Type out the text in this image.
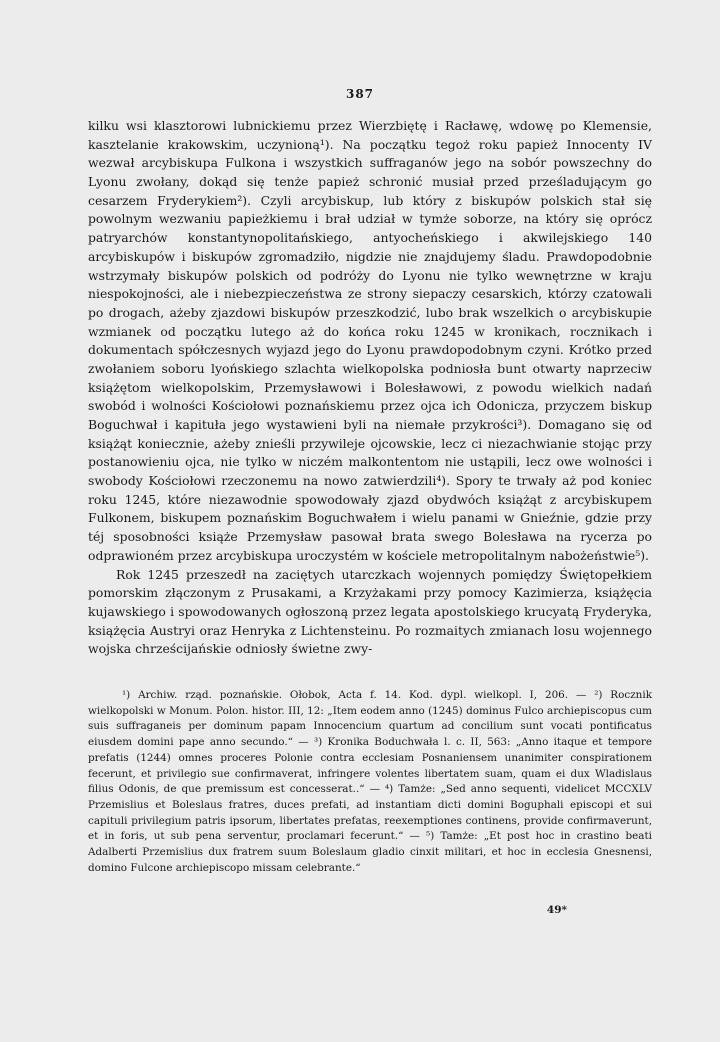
387

kilku wsi klasztorowi lubnickiemu przez Wierzbiętę i Racławę, wdowę po Klemensie, kasztelanie krakowskim, uczynioną¹). Na początku tegoż roku papież Innocenty IV wezwał arcybiskupa Fulkona i wszystkich suffraganów jego na sobór powszechny do Lyonu zwołany, dokąd się tenże papież schronić musiał przed prześladującym go cesarzem Fryderykiem²). Czyli arcybiskup, lub który z biskupów polskich stał się powolnym wezwaniu papieżkiemu i brał udział w tymże soborze, na który się oprócz patryarchów konstantynopolitańskiego, antyocheńskiego i akwilejskiego 140 arcybiskupów i biskupów zgromadziło, nigdzie nie znajdujemy śladu. Prawdopodobnie wstrzymały biskupów polskich od podróży do Lyonu nie tylko wewnętrzne w kraju niespokojności, ale i niebezpieczeństwa ze strony siepaczy cesarskich, którzy czatowali po drogach, ażeby zjazdowi biskupów przeszkodzić, lubo brak wszelkich o arcybiskupie wzmianek od początku lutego aż do końca roku 1245 w kronikach, rocznikach i dokumentach spółczesnych wyjazd jego do Lyonu prawdopodobnym czyni. Krótko przed zwołaniem soboru lyońskiego szlachta wielkopolska podniosła bunt otwarty naprzeciw książętom wielkopolskim, Przemysławowi i Bolesławowi, z powodu wielkich nadań swobód i wolności Kościołowi poznańskiemu przez ojca ich Odonicza, przyczem biskup Boguchwał i kapituła jego wystawieni byli na niemałe przykrości³). Domagano się od książąt koniecznie, ażeby znieśli przywileje ojcowskie, lecz ci niezachwianie stojąc przy postanowieniu ojca, nie tylko w niczém malkontentom nie ustąpili, lecz owe wolności i swobody Kościołowi rzeczonemu na nowo zatwierdzili⁴). Spory te trwały aż pod koniec roku 1245, które niezawodnie spowodowały zjazd obydwóch książąt z arcybiskupem Fulkonem, biskupem poznańskim Boguchwałem i wielu panami w Gnieźnie, gdzie przy téj sposobności książe Przemysław pasował brata swego Bolesława na rycerza po odprawioném przez arcybiskupa uroczystém w kościele metropolitalnym nabożeństwie⁵).

Rok 1245 przeszedł na zaciętych utarczkach wojennych pomiędzy Świętopełkiem pomorskim złączonym z Prusakami, a Krzyżakami przy pomocy Kazimierza, książęcia kujawskiego i spowodowanych ogłoszoną przez legata apostolskiego krucyatą Fryderyka, książęcia Austryi oraz Henryka z Lichtensteinu. Po rozmaitych zmianach losu wojennego wojska chrześcijańskie odniosły świetne zwy-

¹) Archiw. rząd. poznańskie. Ołobok, Acta f. 14. Kod. dypl. wielkopl. I, 206. — ²) Rocznik wielkopolski w Monum. Polon. histor. III, 12: „Item eodem anno (1245) dominus Fulco archiepiscopus cum suis suffraganeis per dominum papam Innocencium quartum ad concilium sunt vocati pontificatus eiusdem domini pape anno secundo.“ — ³) Kronika Boduchwała l. c. II, 563: „Anno itaque et tempore prefatis (1244) omnes proceres Polonie contra ecclesiam Posnaniensem unanimiter conspirationem fecerunt, et privilegio sue confirmaverat, infringere volentes libertatem suam, quam ei dux Wladislaus filius Odonis, de que premissum est concesserat..“ — ⁴) Tamże: „Sed anno sequenti, videlicet MCCXLV Przemislius et Boleslaus fratres, duces prefati, ad instantiam dicti domini Boguphali episcopi et sui capituli privilegium patris ipsorum, libertates prefatas, reexemptiones continens, provide confirmaverunt, et in foris, ut sub pena serventur, proclamari fecerunt.“ — ⁵) Tamże: „Et post hoc in crastino beati Adalberti Przemislius dux fratrem suum Boleslaum gladio cinxit militari, et hoc in ecclesia Gnesnensi, domino Fulcone archiepiscopo missam celebrante.“

49*
